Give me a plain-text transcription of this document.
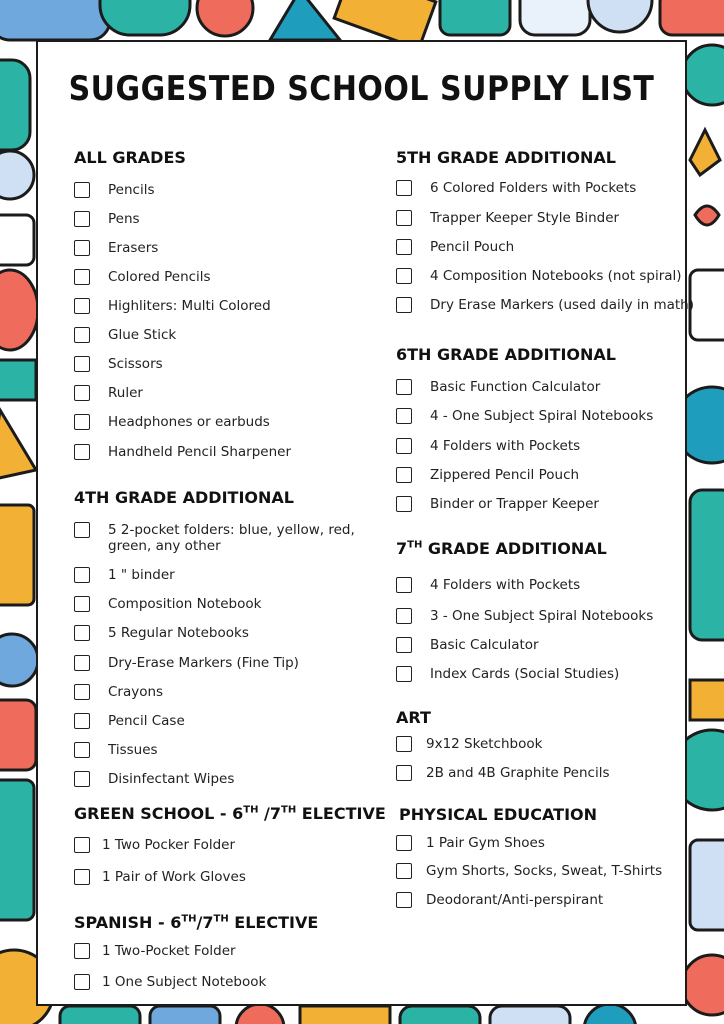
SUGGESTED SCHOOL SUPPLY LIST
ALL GRADES
Pencils
Pens
Erasers
Colored Pencils
Highliters: Multi Colored
Glue Stick
Scissors
Ruler
Headphones or earbuds
Handheld Pencil Sharpener
4TH GRADE ADDITIONAL
5 2-pocket folders: blue, yellow, red, green, any other
1 " binder
Composition Notebook
5 Regular Notebooks
Dry-Erase Markers (Fine Tip)
Crayons
Pencil Case
Tissues
Disinfectant Wipes
GREEN SCHOOL - 6TH /7TH ELECTIVE
1 Two Pocker Folder
1 Pair of Work Gloves
SPANISH - 6TH/7TH ELECTIVE
1 Two-Pocket Folder
1 One Subject Notebook
5TH GRADE ADDITIONAL
6 Colored Folders with Pockets
Trapper Keeper Style Binder
Pencil Pouch
4 Composition Notebooks (not spiral)
Dry Erase Markers (used daily in math)
6TH GRADE ADDITIONAL
Basic Function Calculator
4 - One Subject Spiral Notebooks
4 Folders with Pockets
Zippered Pencil Pouch
Binder or Trapper Keeper
7TH GRADE ADDITIONAL
4 Folders with Pockets
3 - One Subject Spiral Notebooks
Basic Calculator
Index Cards (Social Studies)
ART
9x12 Sketchbook
2B and 4B Graphite Pencils
PHYSICAL EDUCATION
1 Pair Gym Shoes
Gym Shorts, Socks, Sweat, T-Shirts
Deodorant/Anti-perspirant
